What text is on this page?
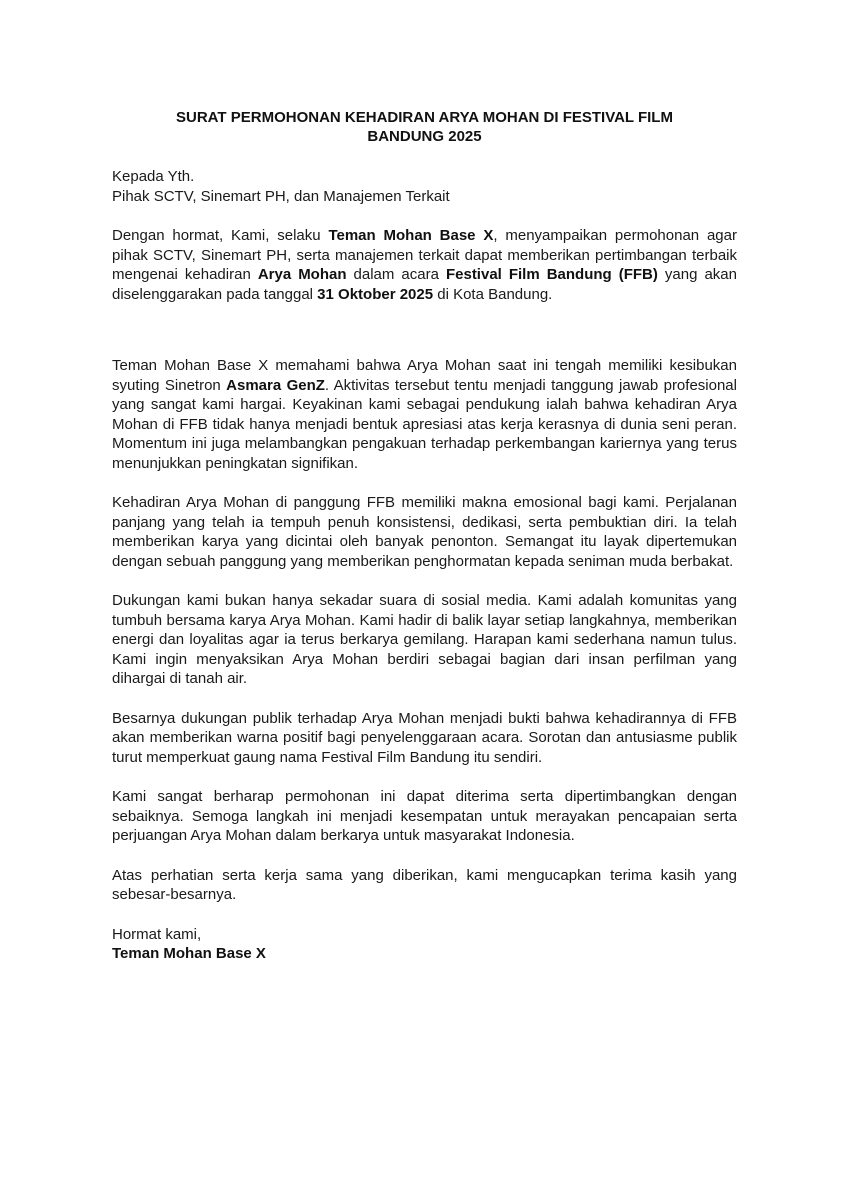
SURAT PERMOHONAN KEHADIRAN ARYA MOHAN DI FESTIVAL FILM
BANDUNG 2025
Kepada Yth.
Pihak SCTV, Sinemart PH, dan Manajemen Terkait

Dengan hormat, Kami, selaku Teman Mohan Base X, menyampaikan permohonan agar pihak SCTV, Sinemart PH, serta manajemen terkait dapat memberikan pertimbangan terbaik mengenai kehadiran Arya Mohan dalam acara Festival Film Bandung (FFB) yang akan diselenggarakan pada tanggal 31 Oktober 2025 di Kota Bandung.

Teman Mohan Base X memahami bahwa Arya Mohan saat ini tengah memiliki kesibukan syuting Sinetron Asmara GenZ. Aktivitas tersebut tentu menjadi tanggung jawab profesional yang sangat kami hargai. Keyakinan kami sebagai pendukung ialah bahwa kehadiran Arya Mohan di FFB tidak hanya menjadi bentuk apresiasi atas kerja kerasnya di dunia seni peran. Momentum ini juga melambangkan pengakuan terhadap perkembangan kariernya yang terus menunjukkan peningkatan signifikan.

Kehadiran Arya Mohan di panggung FFB memiliki makna emosional bagi kami. Perjalanan panjang yang telah ia tempuh penuh konsistensi, dedikasi, serta pembuktian diri. Ia telah memberikan karya yang dicintai oleh banyak penonton. Semangat itu layak dipertemukan dengan sebuah panggung yang memberikan penghormatan kepada seniman muda berbakat.

Dukungan kami bukan hanya sekadar suara di sosial media. Kami adalah komunitas yang tumbuh bersama karya Arya Mohan. Kami hadir di balik layar setiap langkahnya, memberikan energi dan loyalitas agar ia terus berkarya gemilang. Harapan kami sederhana namun tulus. Kami ingin menyaksikan Arya Mohan berdiri sebagai bagian dari insan perfilman yang dihargai di tanah air.

Besarnya dukungan publik terhadap Arya Mohan menjadi bukti bahwa kehadirannya di FFB akan memberikan warna positif bagi penyelenggaraan acara. Sorotan dan antusiasme publik turut memperkuat gaung nama Festival Film Bandung itu sendiri.

Kami sangat berharap permohonan ini dapat diterima serta dipertimbangkan dengan sebaiknya. Semoga langkah ini menjadi kesempatan untuk merayakan pencapaian serta perjuangan Arya Mohan dalam berkarya untuk masyarakat Indonesia.

Atas perhatian serta kerja sama yang diberikan, kami mengucapkan terima kasih yang sebesar-besarnya.

Hormat kami,
Teman Mohan Base X
